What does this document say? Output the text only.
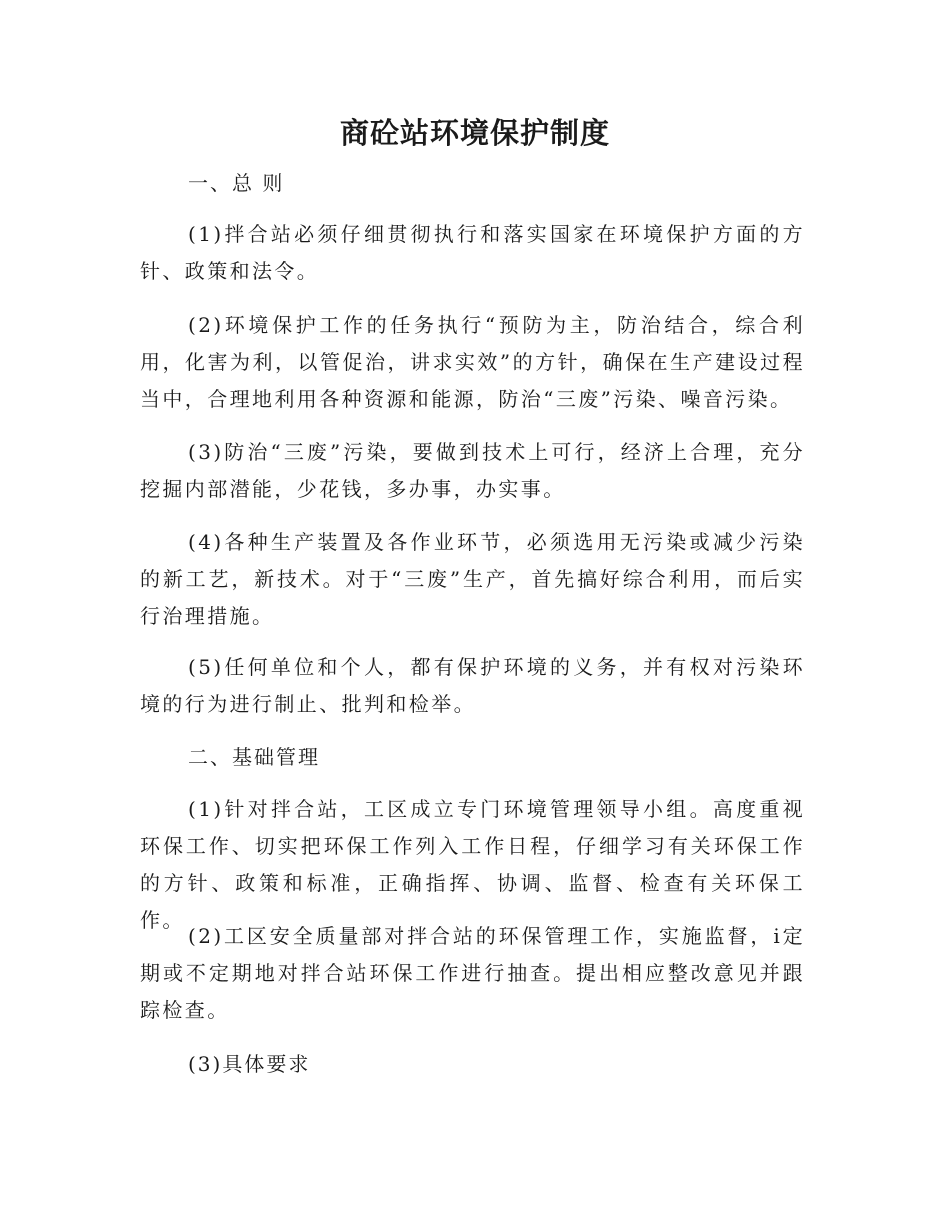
商砼站环境保护制度
一、总 则
(1)拌合站必须仔细贯彻执行和落实国家在环境保护方面的方针、政策和法令。
(2)环境保护工作的任务执行“预防为主，防治结合，综合利用，化害为利，以管促治，讲求实效”的方针，确保在生产建设过程当中，合理地利用各种资源和能源，防治“三废”污染、噪音污染。
(3)防治“三废”污染，要做到技术上可行，经济上合理，充分挖掘内部潜能，少花钱，多办事，办实事。
(4)各种生产装置及各作业环节，必须选用无污染或减少污染的新工艺，新技术。对于“三废”生产，首先搞好综合利用，而后实行治理措施。
(5)任何单位和个人，都有保护环境的义务，并有权对污染环境的行为进行制止、批判和检举。
二、基础管理
(1)针对拌合站，工区成立专门环境管理领导小组。高度重视环保工作、切实把环保工作列入工作日程，仔细学习有关环保工作的方针、政策和标准，正确指挥、协调、监督、检查有关环保工作。
(2)工区安全质量部对拌合站的环保管理工作，实施监督，i定期或不定期地对拌合站环保工作进行抽查。提出相应整改意见并跟踪检查。
(3)具体要求
